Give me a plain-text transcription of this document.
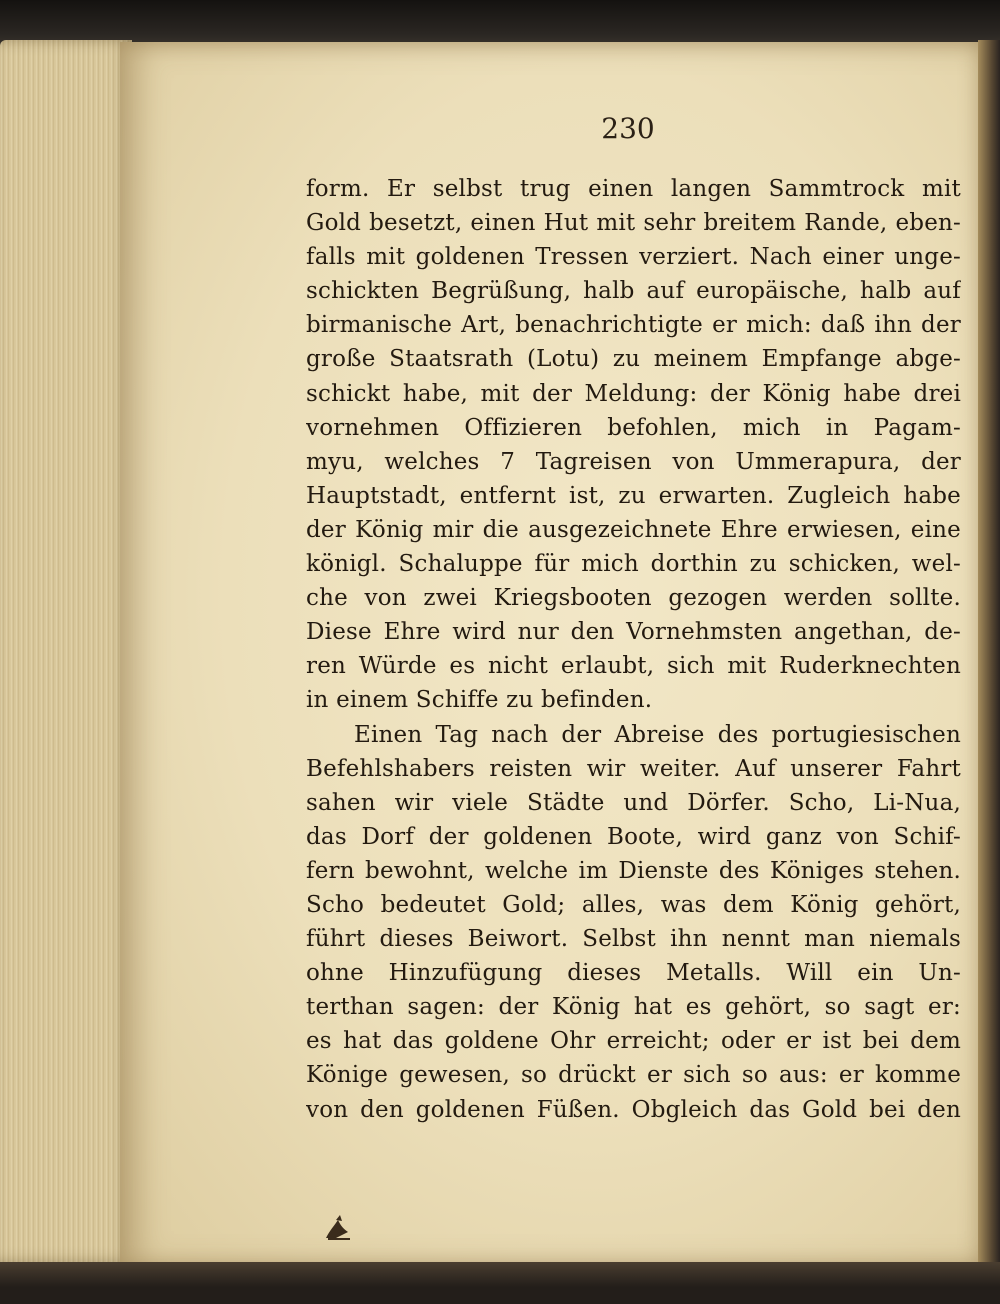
230
form. Er selbst trug einen langen Sammtrock mit
Gold besetzt, einen Hut mit sehr breitem Rande, eben-
falls mit goldenen Tressen verziert. Nach einer unge-
schickten Begrüßung, halb auf europäische, halb auf
birmanische Art, benachrichtigte er mich: daß ihn der
große Staatsrath (Lotu) zu meinem Empfange abge-
schickt habe, mit der Meldung: der König habe drei
vornehmen Offizieren befohlen, mich in Pagam-
myu, welches 7 Tagreisen von Ummerapura, der
Hauptstadt, entfernt ist, zu erwarten. Zugleich habe
der König mir die ausgezeichnete Ehre erwiesen, eine
königl. Schaluppe für mich dorthin zu schicken, wel-
che von zwei Kriegsbooten gezogen werden sollte.
Diese Ehre wird nur den Vornehmsten angethan, de-
ren Würde es nicht erlaubt, sich mit Ruderknechten
in einem Schiffe zu befinden.
Einen Tag nach der Abreise des portugiesischen
Befehlshabers reisten wir weiter. Auf unserer Fahrt
sahen wir viele Städte und Dörfer. Scho, Li-Nua,
das Dorf der goldenen Boote, wird ganz von Schif-
fern bewohnt, welche im Dienste des Königes stehen.
Scho bedeutet Gold; alles, was dem König gehört,
führt dieses Beiwort. Selbst ihn nennt man niemals
ohne Hinzufügung dieses Metalls. Will ein Un-
terthan sagen: der König hat es gehört, so sagt er:
es hat das goldene Ohr erreicht; oder er ist bei dem
Könige gewesen, so drückt er sich so aus: er komme
von den goldenen Füßen. Obgleich das Gold bei den
